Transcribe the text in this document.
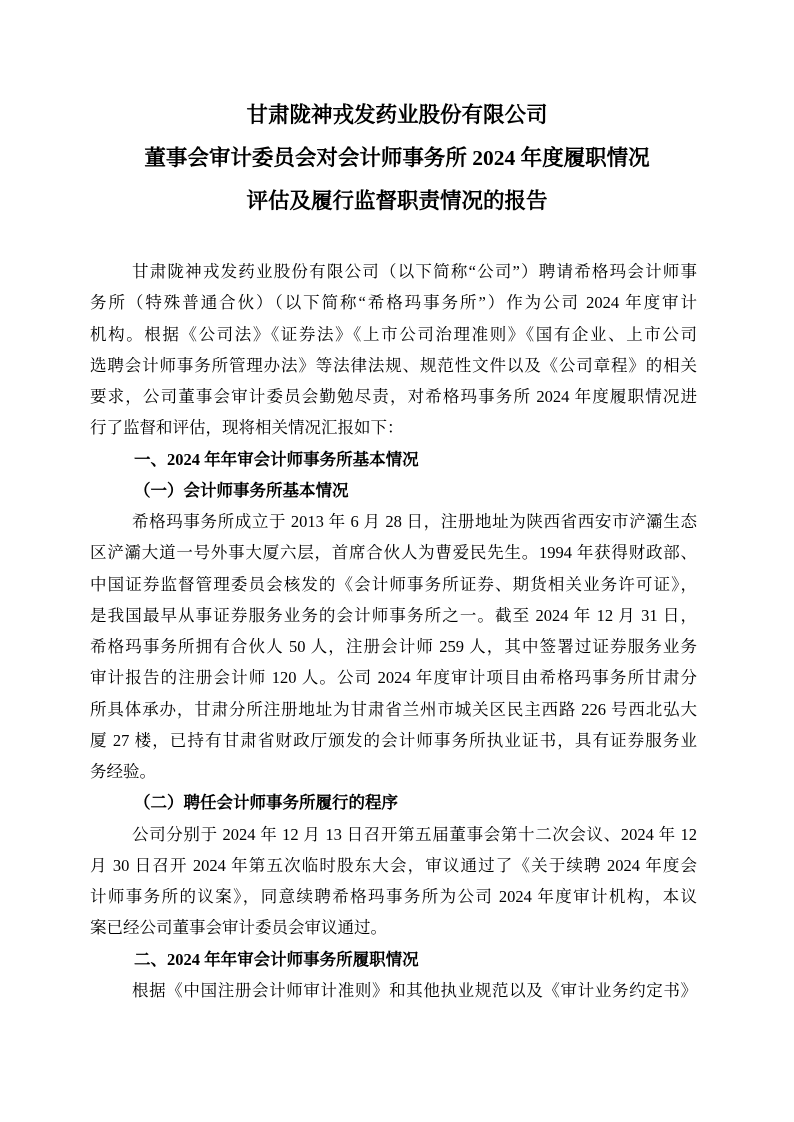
甘肃陇神戎发药业股份有限公司
董事会审计委员会对会计师事务所 2024 年度履职情况
评估及履行监督职责情况的报告
甘肃陇神戎发药业股份有限公司（以下简称“公司”）聘请希格玛会计师事
务所（特殊普通合伙）（以下简称“希格玛事务所”）作为公司 2024 年度审计
机构。根据《公司法》《证券法》《上市公司治理准则》《国有企业、上市公司
选聘会计师事务所管理办法》等法律法规、规范性文件以及《公司章程》的相关
要求，公司董事会审计委员会勤勉尽责，对希格玛事务所 2024 年度履职情况进
行了监督和评估，现将相关情况汇报如下：
一、2024 年年审会计师事务所基本情况
（一）会计师事务所基本情况
希格玛事务所成立于 2013 年 6 月 28 日，注册地址为陕西省西安市浐灞生态
区浐灞大道一号外事大厦六层，首席合伙人为曹爱民先生。1994 年获得财政部、
中国证券监督管理委员会核发的《会计师事务所证券、期货相关业务许可证》，
是我国最早从事证券服务业务的会计师事务所之一。截至 2024 年 12 月 31 日，
希格玛事务所拥有合伙人 50 人，注册会计师 259 人，其中签署过证券服务业务
审计报告的注册会计师 120 人。公司 2024 年度审计项目由希格玛事务所甘肃分
所具体承办，甘肃分所注册地址为甘肃省兰州市城关区民主西路 226 号西北弘大
厦 27 楼，已持有甘肃省财政厅颁发的会计师事务所执业证书，具有证券服务业
务经验。
（二）聘任会计师事务所履行的程序
公司分别于 2024 年 12 月 13 日召开第五届董事会第十二次会议、2024 年 12
月 30 日召开 2024 年第五次临时股东大会，审议通过了《关于续聘 2024 年度会
计师事务所的议案》，同意续聘希格玛事务所为公司 2024 年度审计机构，本议
案已经公司董事会审计委员会审议通过。
二、2024 年年审会计师事务所履职情况
根据《中国注册会计师审计准则》和其他执业规范以及《审计业务约定书》
